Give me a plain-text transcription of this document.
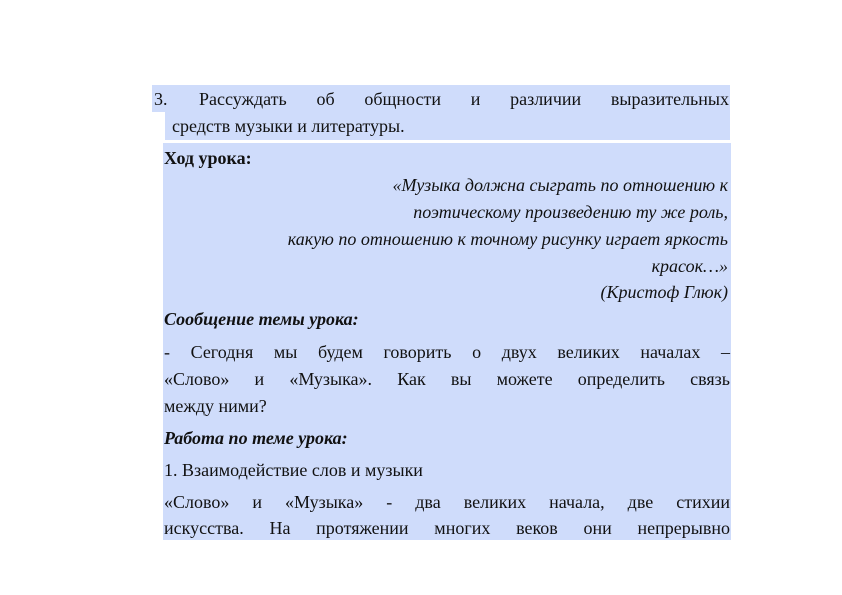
3. Рассуждать об общности и различии выразительных
средств музыки и литературы.
Ход урока:
«Музыка должна сыграть по отношению к
поэтическому произведению ту же роль,
какую по отношению к точному рисунку играет яркость
красок…»
(Кристоф Глюк)
Сообщение темы урока:
- Сегодня мы будем говорить о двух великих началах –
«Слово» и «Музыка». Как вы можете определить связь
между ними?
Работа по теме урока:
1. Взаимодействие слов и музыки
«Слово» и «Музыка» - два великих начала, две стихии
искусства. На протяжении многих веков они непрерывно
